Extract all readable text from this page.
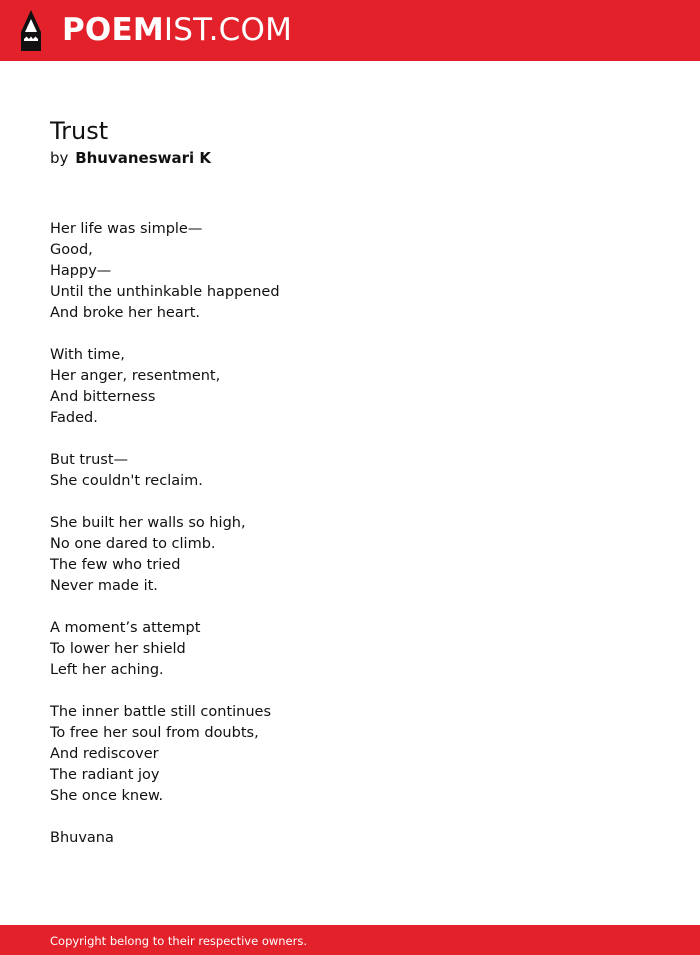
POEMIST.COM
Trust
by Bhuvaneswari K
Her life was simple—
Good,
Happy—
Until the unthinkable happened
And broke her heart.
With time,
Her anger, resentment,
And bitterness
Faded.
But trust—
She couldn't reclaim.
She built her walls so high,
No one dared to climb.
The few who tried
Never made it.
A moment’s attempt
To lower her shield
Left her aching.
The inner battle still continues
To free her soul from doubts,
And rediscover
The radiant joy
She once knew.
Bhuvana
Copyright belong to their respective owners.
